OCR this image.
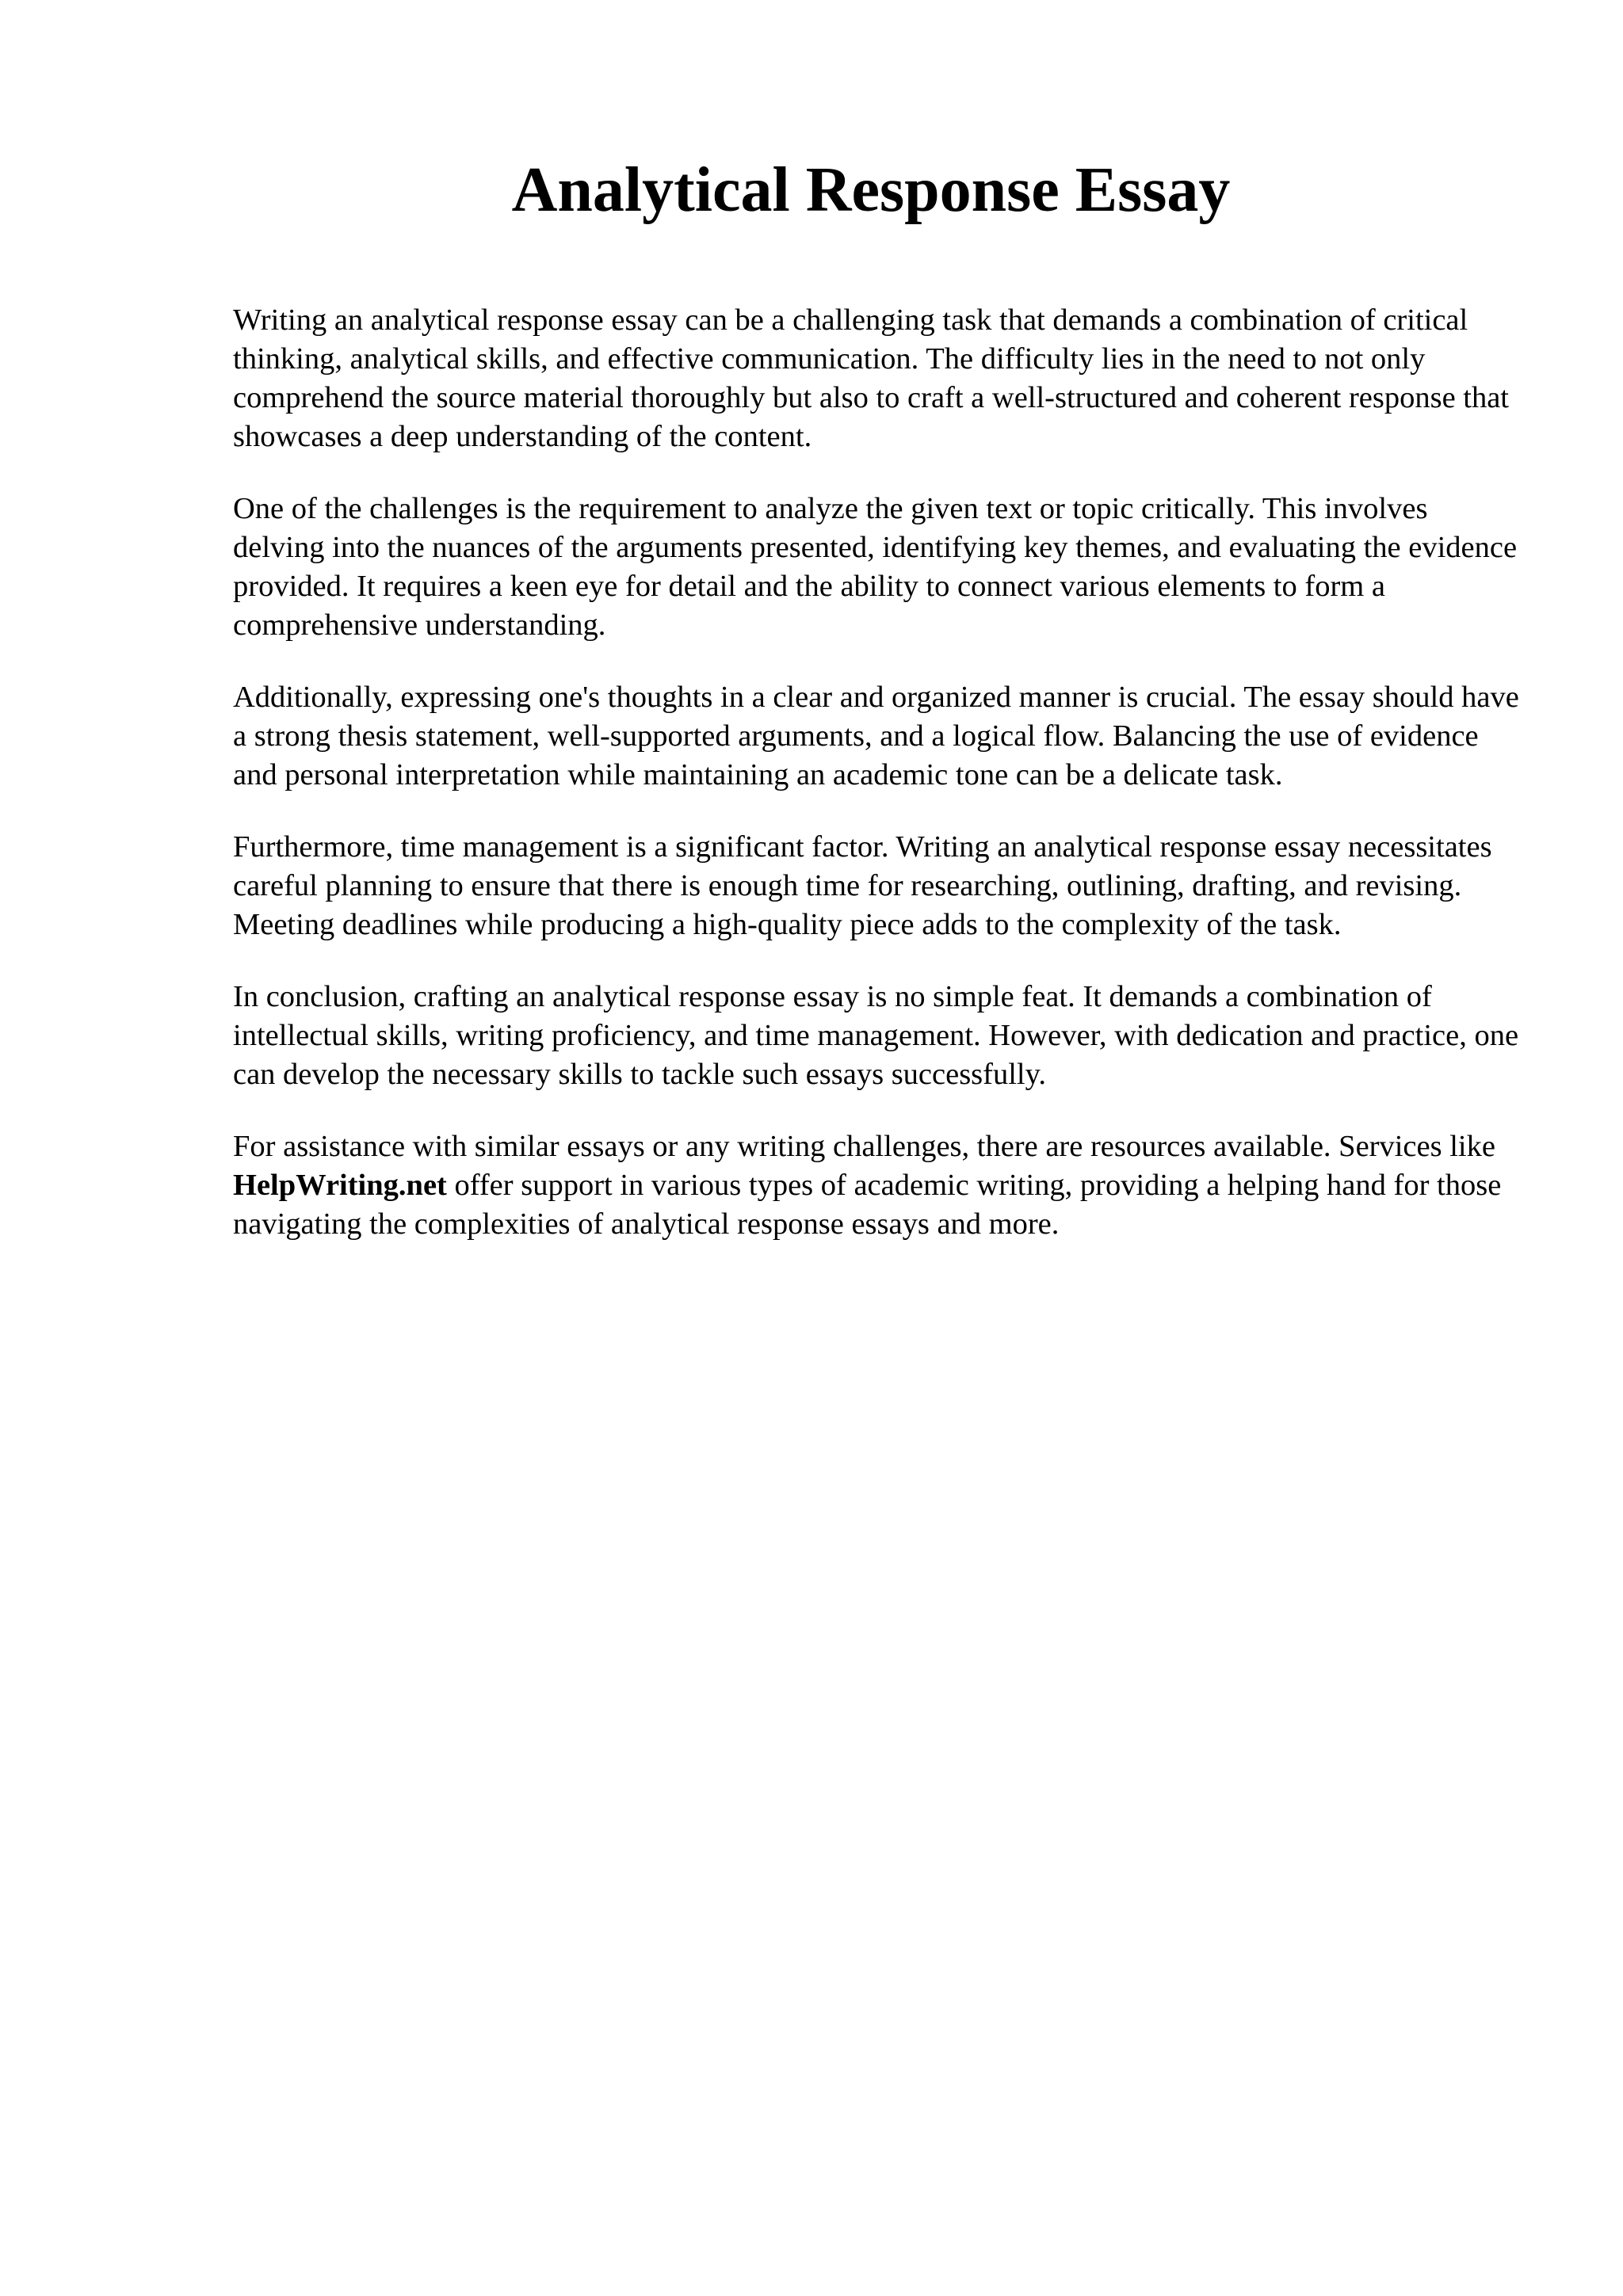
Analytical Response Essay

Writing an analytical response essay can be a challenging task that demands a combination of critical thinking, analytical skills, and effective communication. The difficulty lies in the need to not only comprehend the source material thoroughly but also to craft a well-structured and coherent response that showcases a deep understanding of the content.

One of the challenges is the requirement to analyze the given text or topic critically. This involves delving into the nuances of the arguments presented, identifying key themes, and evaluating the evidence provided. It requires a keen eye for detail and the ability to connect various elements to form a comprehensive understanding.

Additionally, expressing one's thoughts in a clear and organized manner is crucial. The essay should have a strong thesis statement, well-supported arguments, and a logical flow. Balancing the use of evidence and personal interpretation while maintaining an academic tone can be a delicate task.

Furthermore, time management is a significant factor. Writing an analytical response essay necessitates careful planning to ensure that there is enough time for researching, outlining, drafting, and revising. Meeting deadlines while producing a high-quality piece adds to the complexity of the task.

In conclusion, crafting an analytical response essay is no simple feat. It demands a combination of intellectual skills, writing proficiency, and time management. However, with dedication and practice, one can develop the necessary skills to tackle such essays successfully.

For assistance with similar essays or any writing challenges, there are resources available. Services like HelpWriting.net offer support in various types of academic writing, providing a helping hand for those navigating the complexities of analytical response essays and more.
